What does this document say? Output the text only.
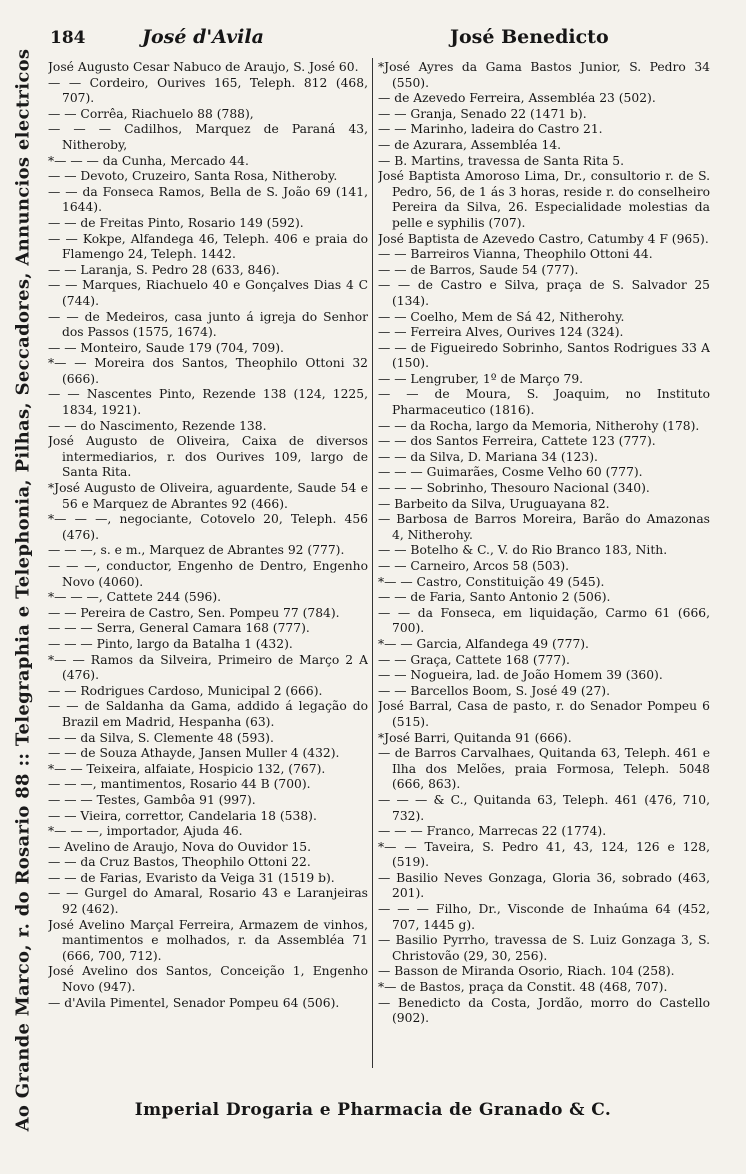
Ao Grande Marco, r. do Rosario 88 :: Telegraphia e Telephonia, Pilhas, Seccadores, Annuncios electricos
184	José d'Avila	José Benedicto

José Augusto Cesar Nabuco de Araujo, S. José 60.

— — Cordeiro, Ourives 165, Teleph. 812 (468, 707).

— — Corrêa, Riachuelo 88 (788),

— — — Cadilhos, Marquez de Paraná 43, Nitheroby,

*— — — da Cunha, Mercado 44.

— — Devoto, Cruzeiro, Santa Rosa, Nitheroby.

— — da Fonseca Ramos, Bella de S. João 69 (141, 1644).

— — de Freitas Pinto, Rosario 149 (592).

— — Kokpe, Alfandega 46, Teleph. 406 e praia do Flamengo 24, Teleph. 1442.

— — Laranja, S. Pedro 28 (633, 846).

— — Marques, Riachuelo 40 e Gonçalves Dias 4 C (744).

— — de Medeiros, casa junto á igreja do Senhor dos Passos (1575, 1674).

— — Monteiro, Saude 179 (704, 709).

*— — Moreira dos Santos, Theophilo Ottoni 32 (666).

— — Nascentes Pinto, Rezende 138 (124, 1225, 1834, 1921).

— — do Nascimento, Rezende 138.

José Augusto de Oliveira, Caixa de diversos intermediarios, r. dos Ourives 109, largo de Santa Rita.

*José Augusto de Oliveira, aguardente, Saude 54 e 56 e Marquez de Abrantes 92 (466).

*— — —, negociante, Cotovelo 20, Teleph. 456 (476).

— — —, s. e m., Marquez de Abrantes 92 (777).

— — —, conductor, Engenho de Dentro, Engenho Novo (4060).

*— — —, Cattete 244 (596).

— — Pereira de Castro, Sen. Pompeu 77 (784).

— — — Serra, General Camara 168 (777).

— — — Pinto, largo da Batalha 1 (432).

*— — Ramos da Silveira, Primeiro de Março 2 A (476).

— — Rodrigues Cardoso, Municipal 2 (666).

— — de Saldanha da Gama, addido á legação do Brazil em Madrid, Hespanha (63).

— — da Silva, S. Clemente 48 (593).

— — de Souza Athayde, Jansen Muller 4 (432).

*— — Teixeira, alfaiate, Hospicio 132, (767).

— — —, mantimentos, Rosario 44 B (700).

— — — Testes, Gambôa 91 (997).

— — Vieira, correttor, Candelaria 18 (538).

*— — —, importador, Ajuda 46.

— Avelino de Araujo, Nova do Ouvidor 15.

— — da Cruz Bastos, Theophilo Ottoni 22.

— — de Farias, Evaristo da Veiga 31 (1519 b).

— — Gurgel do Amaral, Rosario 43 e Laranjeiras 92 (462).

José Avelino Marçal Ferreira, Armazem de vinhos, mantimentos e molhados, r. da Assembléa 71 (666, 700, 712).

José Avelino dos Santos, Conceição 1, Engenho Novo (947).

— d'Avila Pimentel, Senador Pompeu 64 (506).

*José Ayres da Gama Bastos Junior, S. Pedro 34 (550).

— de Azevedo Ferreira, Assembléa 23 (502).

— — Granja, Senado 22 (1471 b).

— — Marinho, ladeira do Castro 21.

— de Azurara, Assembléa 14.

— B. Martins, travessa de Santa Rita 5.

José Baptista Amoroso Lima, Dr., consultorio r. de S. Pedro, 56, de 1 ás 3 horas, reside r. do conselheiro Pereira da Silva, 26. Especialidade molestias da pelle e syphilis (707).

José Baptista de Azevedo Castro, Catumby 4 F (965).

— — Barreiros Vianna, Theophilo Ottoni 44.

— — de Barros, Saude 54 (777).

— — de Castro e Silva, praça de S. Salvador 25 (134).

— — Coelho, Mem de Sá 42, Nitherohy.

— — Ferreira Alves, Ourives 124 (324).

— — de Figueiredo Sobrinho, Santos Rodrigues 33 A (150).

— — Lengruber, 1º de Março 79.

— — de Moura, S. Joaquim, no Instituto Pharmaceutico (1816).

— — da Rocha, largo da Memoria, Nitherohy (178).

— — dos Santos Ferreira, Cattete 123 (777).

— — da Silva, D. Mariana 34 (123).

— — — Guimarães, Cosme Velho 60 (777).

— — — Sobrinho, Thesouro Nacional (340).

— Barbeito da Silva, Uruguayana 82.

— Barbosa de Barros Moreira, Barão do Amazonas 4, Nitherohy.

— — Botelho & C., V. do Rio Branco 183, Nith.

— — Carneiro, Arcos 58 (503).

*— — Castro, Constituição 49 (545).

— — de Faria, Santo Antonio 2 (506).

— — da Fonseca, em liquidação, Carmo 61 (666, 700).

*— — Garcia, Alfandega 49 (777).

— — Graça, Cattete 168 (777).

— — Nogueira, lad. de João Homem 39 (360).

— — Barcellos Boom, S. José 49 (27).

José Barral, Casa de pasto, r. do Senador Pompeu 6 (515).

*José Barri, Quitanda 91 (666).

— de Barros Carvalhaes, Quitanda 63, Teleph. 461 e Ilha dos Melões, praia Formosa, Teleph. 5048 (666, 863).

— — — & C., Quitanda 63, Teleph. 461 (476, 710, 732).

— — — Franco, Marrecas 22 (1774).

*— — Taveira, S. Pedro 41, 43, 124, 126 e 128, (519).

— Basilio Neves Gonzaga, Gloria 36, sobrado (463, 201).

— — — Filho, Dr., Visconde de Inhaúma 64 (452, 707, 1445 g).

— Basilio Pyrrho, travessa de S. Luiz Gonzaga 3, S. Christovão (29, 30, 256).

— Basson de Miranda Osorio, Riach. 104 (258).

*— de Bastos, praça da Constit. 48 (468, 707).

— Benedicto da Costa, Jordão, morro do Castello (902).

Imperial Drogaria e Pharmacia de Granado & C.
